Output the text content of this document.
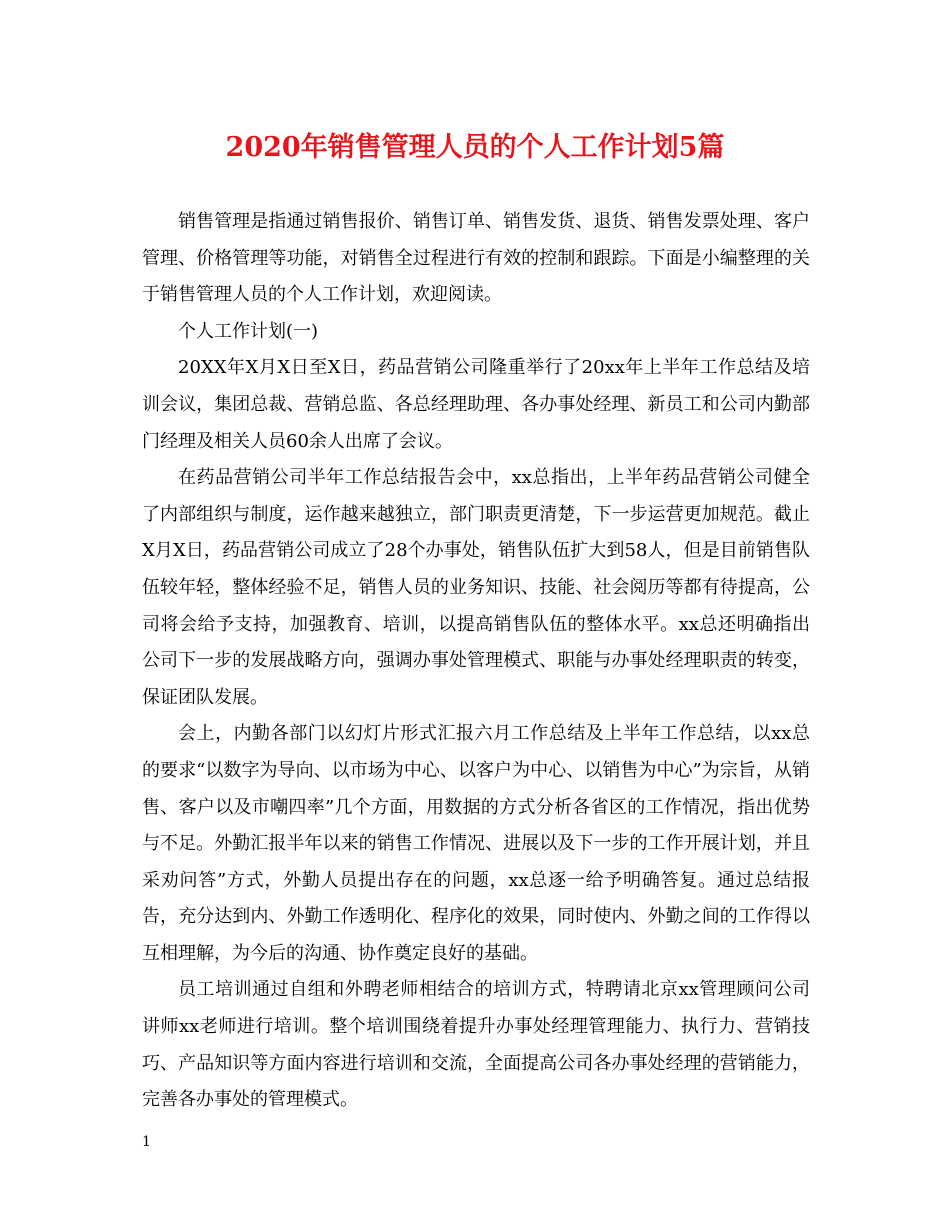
2020年销售管理人员的个人工作计划5篇

销售管理是指通过销售报价、销售订单、销售发货、退货、销售发票处理、客户管理、价格管理等功能，对销售全过程进行有效的控制和跟踪。下面是小编整理的关于销售管理人员的个人工作计划，欢迎阅读。

个人工作计划(一)

20XX年X月X日至X日，药品营销公司隆重举行了20xx年上半年工作总结及培训会议，集团总裁、营销总监、各总经理助理、各办事处经理、新员工和公司内勤部门经理及相关人员60余人出席了会议。

在药品营销公司半年工作总结报告会中，xx总指出，上半年药品营销公司健全了内部组织与制度，运作越来越独立，部门职责更清楚，下一步运营更加规范。截止X月X日，药品营销公司成立了28个办事处，销售队伍扩大到58人，但是目前销售队伍较年轻，整体经验不足，销售人员的业务知识、技能、社会阅历等都有待提高，公司将会给予支持，加强教育、培训，以提高销售队伍的整体水平。xx总还明确指出公司下一步的发展战略方向，强调办事处管理模式、职能与办事处经理职责的转变，保证团队发展。

会上，内勤各部门以幻灯片形式汇报六月工作总结及上半年工作总结，以xx总的要求“以数字为导向、以市场为中心、以客户为中心、以销售为中心”为宗旨，从销售、客户以及市嘲四率”几个方面，用数据的方式分析各省区的工作情况，指出优势与不足。外勤汇报半年以来的销售工作情况、进展以及下一步的工作开展计划，并且采劝问答”方式，外勤人员提出存在的问题，xx总逐一给予明确答复。通过总结报告，充分达到内、外勤工作透明化、程序化的效果，同时使内、外勤之间的工作得以互相理解，为今后的沟通、协作奠定良好的基础。

员工培训通过自组和外聘老师相结合的培训方式，特聘请北京xx管理顾问公司讲师xx老师进行培训。整个培训围绕着提升办事处经理管理能力、执行力、营销技巧、产品知识等方面内容进行培训和交流，全面提高公司各办事处经理的营销能力，完善各办事处的管理模式。

1
